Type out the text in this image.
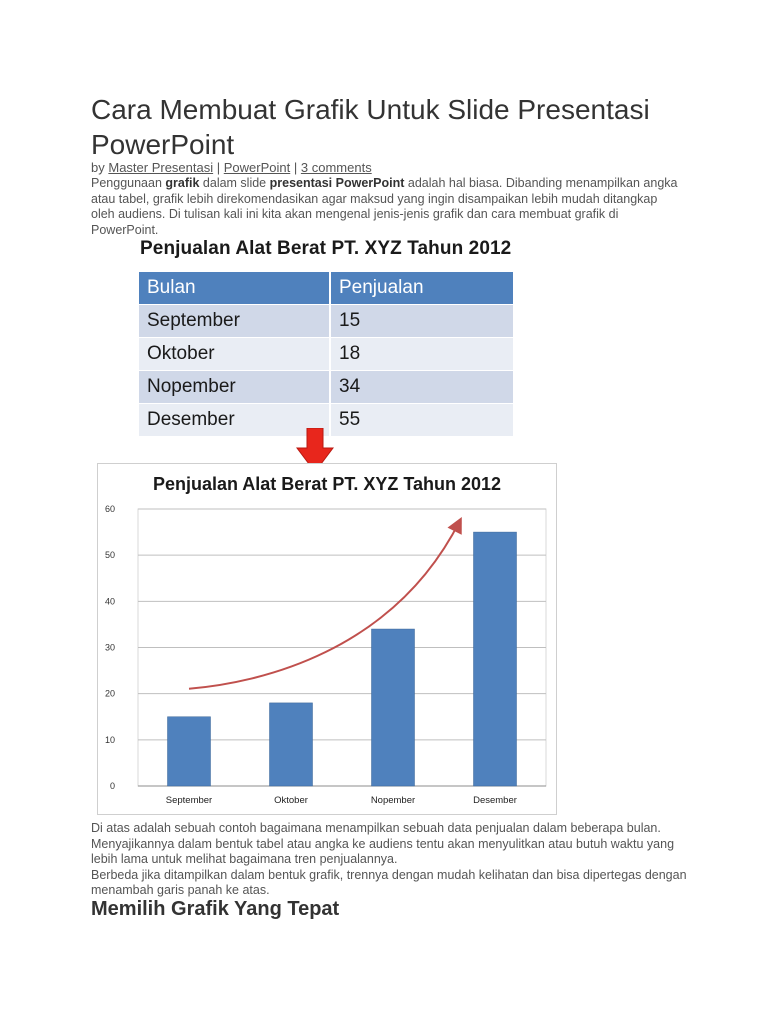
Cara Membuat Grafik Untuk Slide Presentasi PowerPoint
by Master Presentasi | PowerPoint | 3 comments
Penggunaan grafik dalam slide presentasi PowerPoint adalah hal biasa. Dibanding menampilkan angka atau tabel, grafik lebih direkomendasikan agar maksud yang ingin disampaikan lebih mudah ditangkap oleh audiens. Di tulisan kali ini kita akan mengenal jenis-jenis grafik dan cara membuat grafik di PowerPoint.
Penjualan Alat Berat PT. XYZ Tahun 2012
Bulan	Penjualan
September	15
Oktober	18
Nopember	34
Desember	55
Penjualan Alat Berat PT. XYZ Tahun 2012
0
10
20
30
40
50
60
September	Oktober	Nopember	Desember

Di atas adalah sebuah contoh bagaimana menampilkan sebuah data penjualan dalam beberapa bulan. Menyajikannya dalam bentuk tabel atau angka ke audiens tentu akan menyulitkan atau butuh waktu yang lebih lama untuk melihat bagaimana tren penjualannya.

Berbeda jika ditampilkan dalam bentuk grafik, trennya dengan mudah kelihatan dan bisa dipertegas dengan menambah garis panah ke atas.

Memilih Grafik Yang Tepat
